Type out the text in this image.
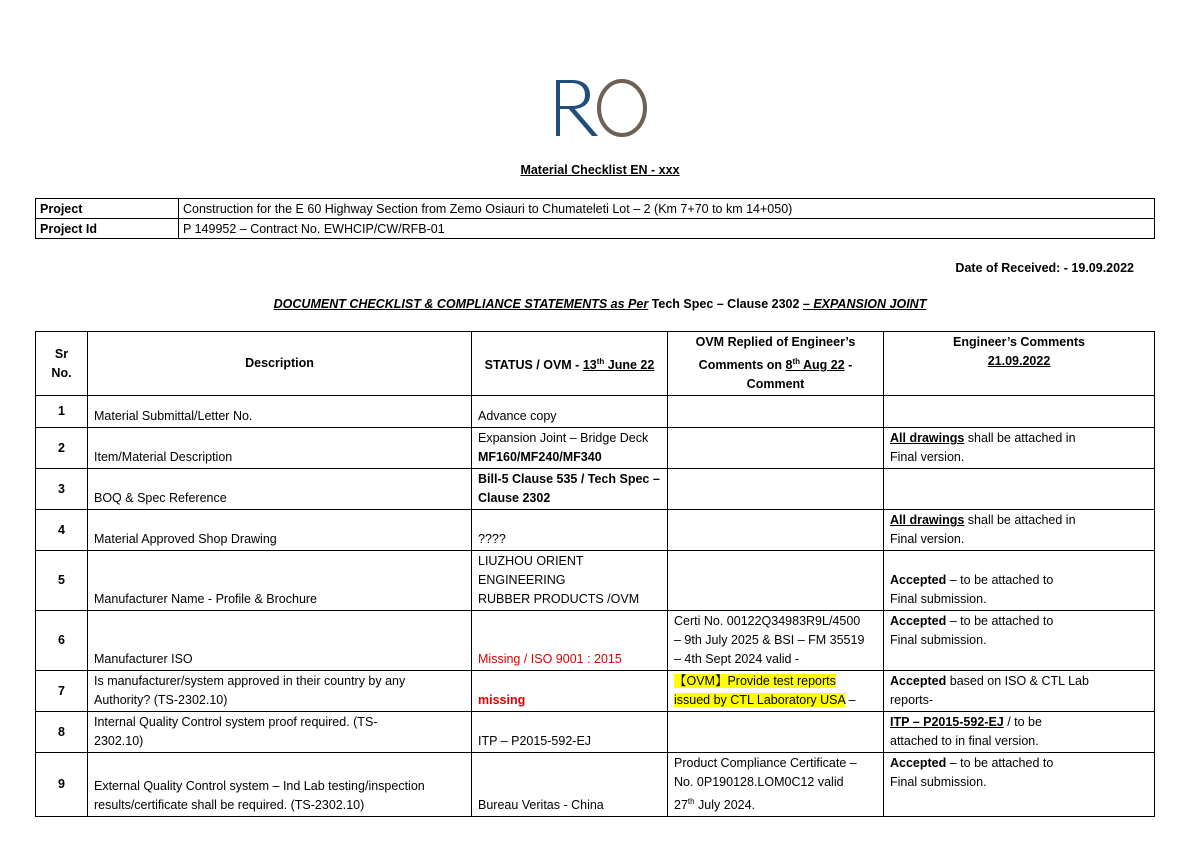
Material Checklist EN - xxx
Project	Construction for the E 60 Highway Section from Zemo Osiauri to Chumateleti Lot – 2 (Km 7+70 to km 14+050)
Project Id	P 149952 – Contract No. EWHCIP/CW/RFB-01
Date of Received: - 19.09.2022
DOCUMENT CHECKLIST & COMPLIANCE STATEMENTS as Per Tech Spec – Clause 2302 – EXPANSION JOINT
Sr
No.	Description	STATUS / OVM - 13th June 22	OVM Replied of Engineer’s
Comments on 8th Aug 22 -
Comment	Engineer’s Comments
21.09.2022
1	Material Submittal/Letter No.	Advance copy		
2	Item/Material Description	Expansion Joint – Bridge Deck
MF160/MF240/MF340		All drawings shall be attached in
Final version.
3	BOQ & Spec Reference	Bill-5 Clause 535 / Tech Spec –
Clause 2302		
4	Material Approved Shop Drawing	????		All drawings shall be attached in
Final version.
5	Manufacturer Name - Profile & Brochure	LIUZHOU ORIENT ENGINEERING
RUBBER PRODUCTS /OVM		Accepted – to be attached to
Final submission.
6	Manufacturer ISO	Missing / ISO 9001 : 2015	Certi No. 00122Q34983R9L/4500
– 9th July 2025 & BSI – FM 35519
– 4th Sept 2024 valid -	Accepted – to be attached to
Final submission.
7	Is manufacturer/system approved in their country by any
Authority? (TS-2302.10)	missing	【OVM】Provide test reports
issued by CTL Laboratory USA –	Accepted based on ISO & CTL Lab
reports-
8	Internal Quality Control system proof required. (TS-
2302.10)	ITP – P2015-592-EJ		ITP – P2015-592-EJ / to be
attached to in final version.
9	External Quality Control system – Ind Lab testing/inspection
results/certificate shall be required. (TS-2302.10)	Bureau Veritas - China	Product Compliance Certificate –
No. 0P190128.LOM0C12 valid
27th July 2024.	Accepted – to be attached to
Final submission.
